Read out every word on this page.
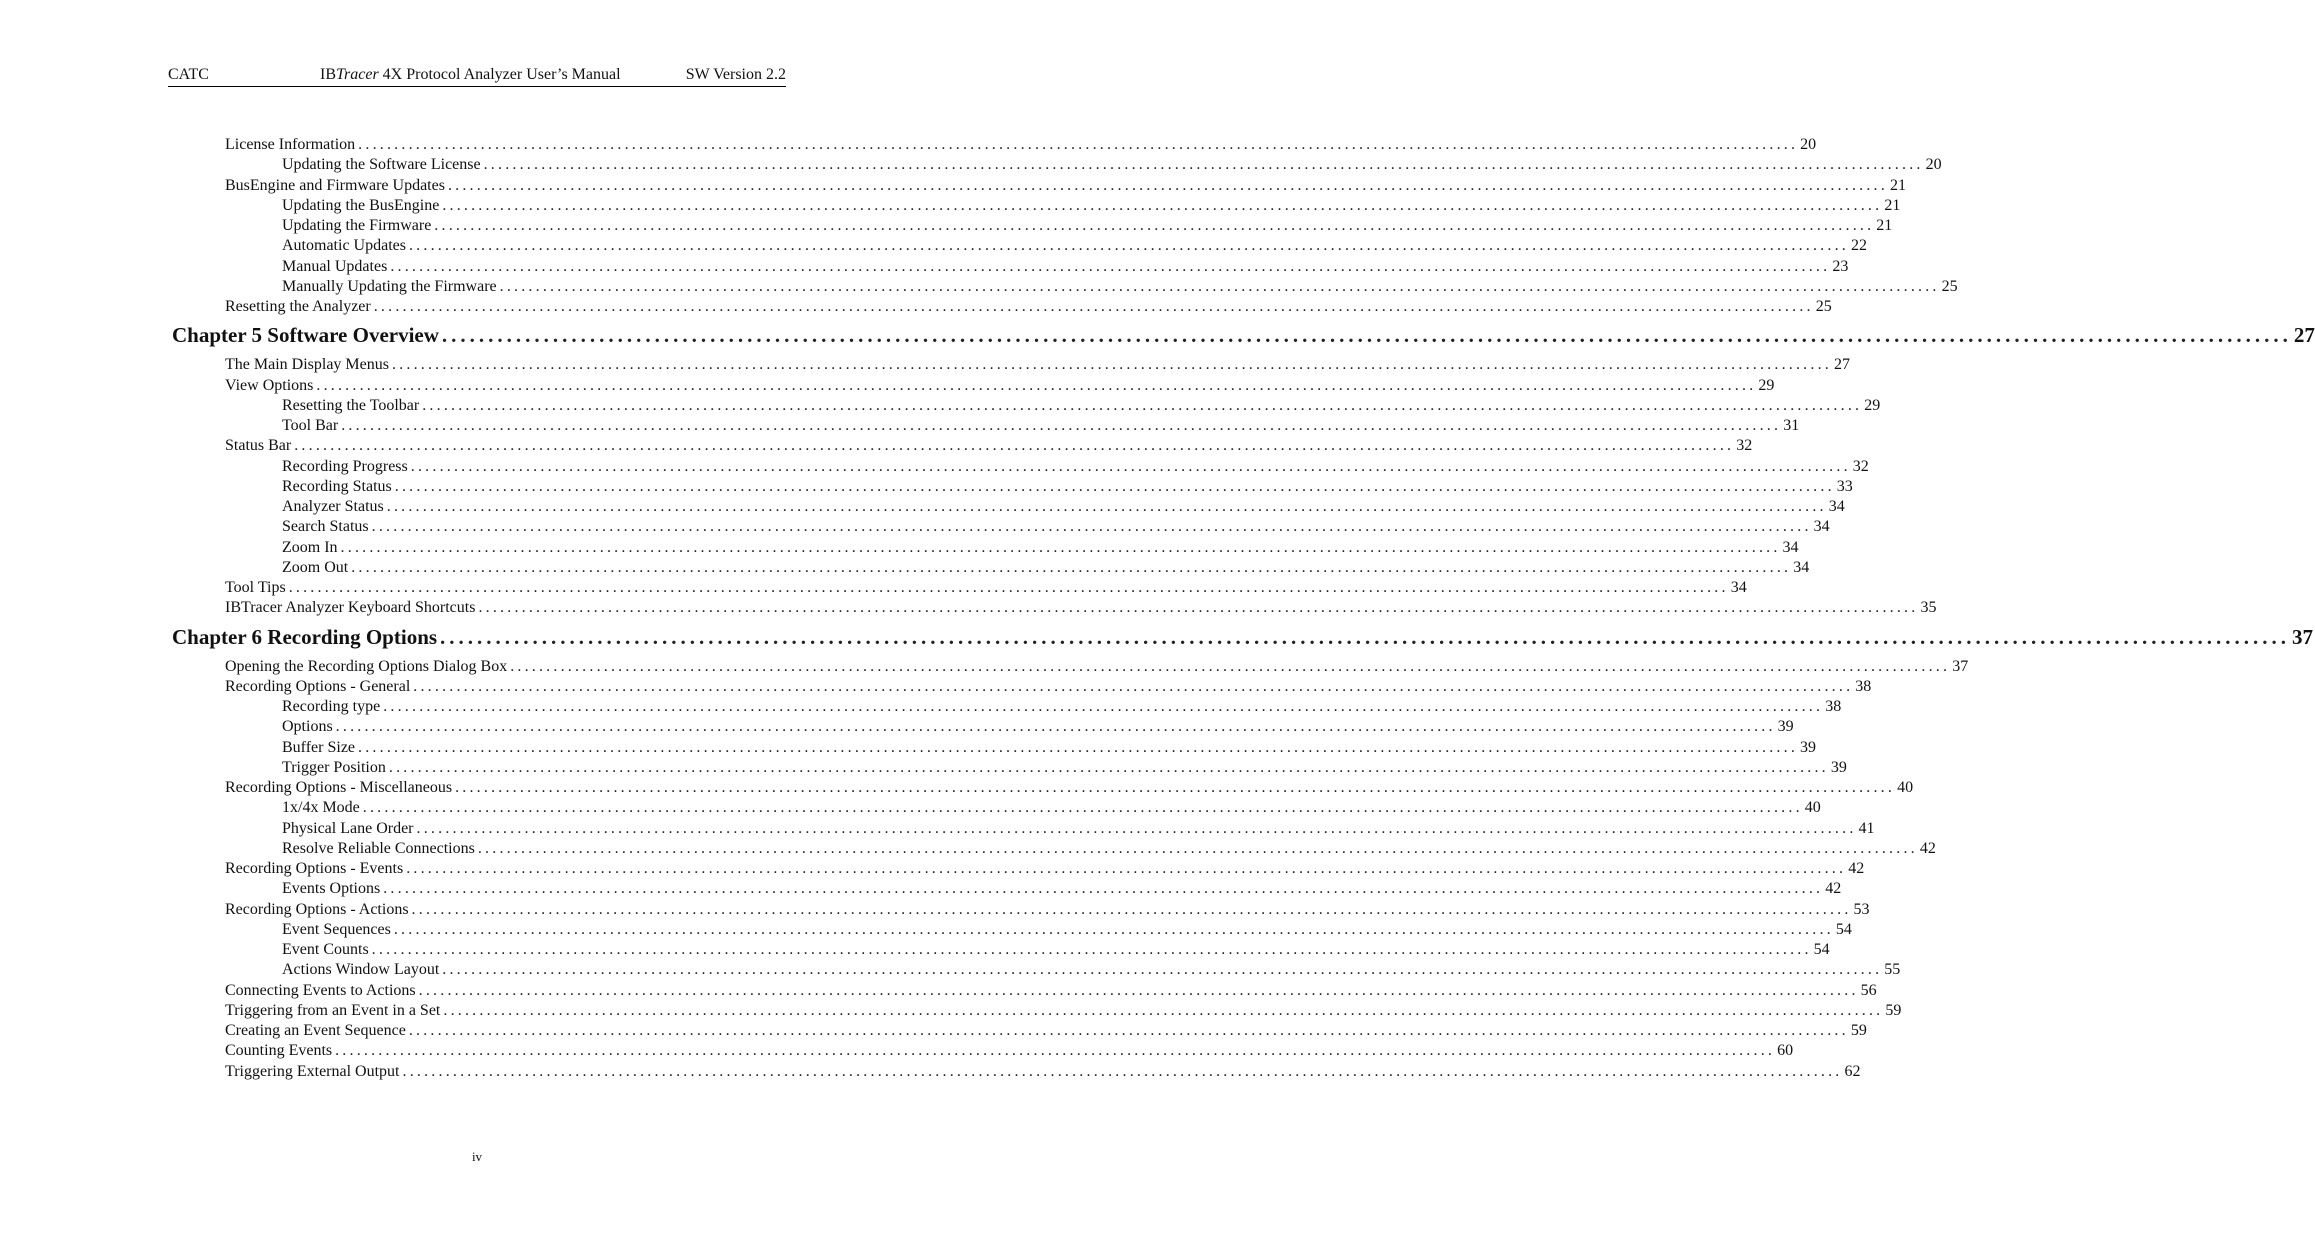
CATC	IBTracer 4X Protocol Analyzer User’s Manual	SW Version 2.2
License Information ........................................................................................................................................................................................................ 20
Updating the Software License ........................................................................................................................................................................................................ 20
BusEngine and Firmware Updates ........................................................................................................................................................................................................ 21
Updating the BusEngine ........................................................................................................................................................................................................ 21
Updating the Firmware ........................................................................................................................................................................................................ 21
Automatic Updates ........................................................................................................................................................................................................ 22
Manual Updates ........................................................................................................................................................................................................ 23
Manually Updating the Firmware ........................................................................................................................................................................................................ 25
Resetting the Analyzer ........................................................................................................................................................................................................ 25
Chapter 5 Software Overview ........................................................................................................................................................................................................ 27
The Main Display Menus ........................................................................................................................................................................................................ 27
View Options ........................................................................................................................................................................................................ 29
Resetting the Toolbar ........................................................................................................................................................................................................ 29
Tool Bar ........................................................................................................................................................................................................ 31
Status Bar ........................................................................................................................................................................................................ 32
Recording Progress ........................................................................................................................................................................................................ 32
Recording Status ........................................................................................................................................................................................................ 33
Analyzer Status ........................................................................................................................................................................................................ 34
Search Status ........................................................................................................................................................................................................ 34
Zoom In ........................................................................................................................................................................................................ 34
Zoom Out ........................................................................................................................................................................................................ 34
Tool Tips ........................................................................................................................................................................................................ 34
IBTracer Analyzer Keyboard Shortcuts ........................................................................................................................................................................................................ 35
Chapter 6 Recording Options ........................................................................................................................................................................................................ 37
Opening the Recording Options Dialog Box ........................................................................................................................................................................................................ 37
Recording Options - General ........................................................................................................................................................................................................ 38
Recording type ........................................................................................................................................................................................................ 38
Options ........................................................................................................................................................................................................ 39
Buffer Size ........................................................................................................................................................................................................ 39
Trigger Position ........................................................................................................................................................................................................ 39
Recording Options - Miscellaneous ........................................................................................................................................................................................................ 40
1x/4x Mode ........................................................................................................................................................................................................ 40
Physical Lane Order ........................................................................................................................................................................................................ 41
Resolve Reliable Connections ........................................................................................................................................................................................................ 42
Recording Options - Events ........................................................................................................................................................................................................ 42
Events Options ........................................................................................................................................................................................................ 42
Recording Options - Actions ........................................................................................................................................................................................................ 53
Event Sequences ........................................................................................................................................................................................................ 54
Event Counts ........................................................................................................................................................................................................ 54
Actions Window Layout ........................................................................................................................................................................................................ 55
Connecting Events to Actions ........................................................................................................................................................................................................ 56
Triggering from an Event in a Set ........................................................................................................................................................................................................ 59
Creating an Event Sequence ........................................................................................................................................................................................................ 59
Counting Events ........................................................................................................................................................................................................ 60
Triggering External Output ........................................................................................................................................................................................................ 62
iv
